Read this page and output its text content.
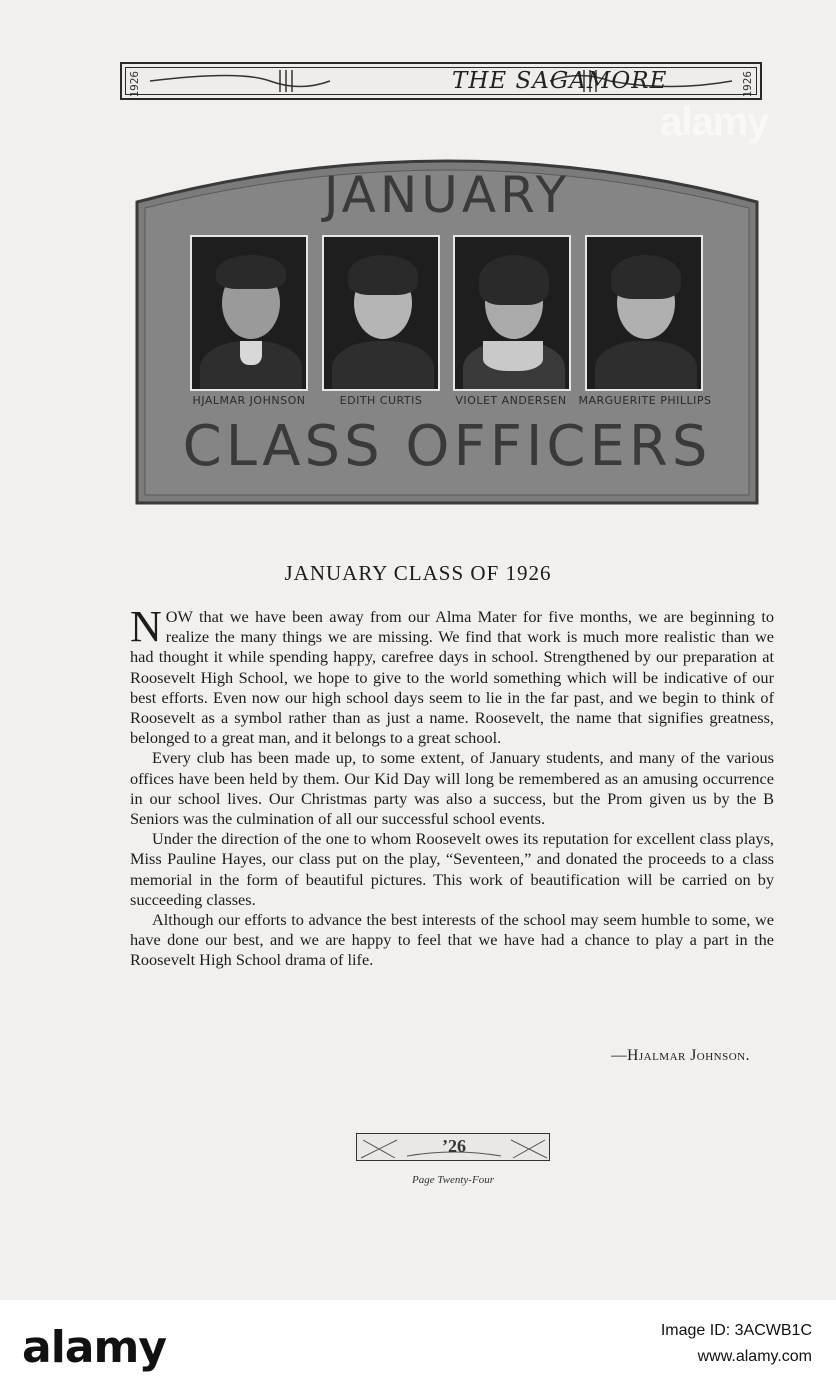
1926	THE SAGAMORE	1926
JANUARY
HJALMAR JOHNSON	EDITH CURTIS	VIOLET ANDERSEN	MARGUERITE PHILLIPS
CLASS OFFICERS
JANUARY CLASS OF 1926

NOW that we have been away from our Alma Mater for five months, we are beginning to realize the many things we are missing. We find that work is much more realistic than we had thought it while spending happy, carefree days in school. Strengthened by our preparation at Roosevelt High School, we hope to give to the world something which will be indicative of our best efforts. Even now our high school days seem to lie in the far past, and we begin to think of Roosevelt as a symbol rather than as just a name. Roosevelt, the name that signifies greatness, belonged to a great man, and it belongs to a great school.

Every club has been made up, to some extent, of January students, and many of the various offices have been held by them. Our Kid Day will long be remembered as an amusing occurrence in our school lives. Our Christmas party was also a success, but the Prom given us by the B Seniors was the culmination of all our successful school events.

Under the direction of the one to whom Roosevelt owes its reputation for excellent class plays, Miss Pauline Hayes, our class put on the play, “Seventeen,” and donated the proceeds to a class memorial in the form of beautiful pictures. This work of beautification will be carried on by succeeding classes.

Although our efforts to advance the best interests of the school may seem humble to some, we have done our best, and we are happy to feel that we have had a chance to play a part in the Roosevelt High School drama of life.

—Hjalmar Johnson.
’26
Page Twenty-Four
alamy
alamy	Image ID: 3ACWB1C
www.alamy.com
